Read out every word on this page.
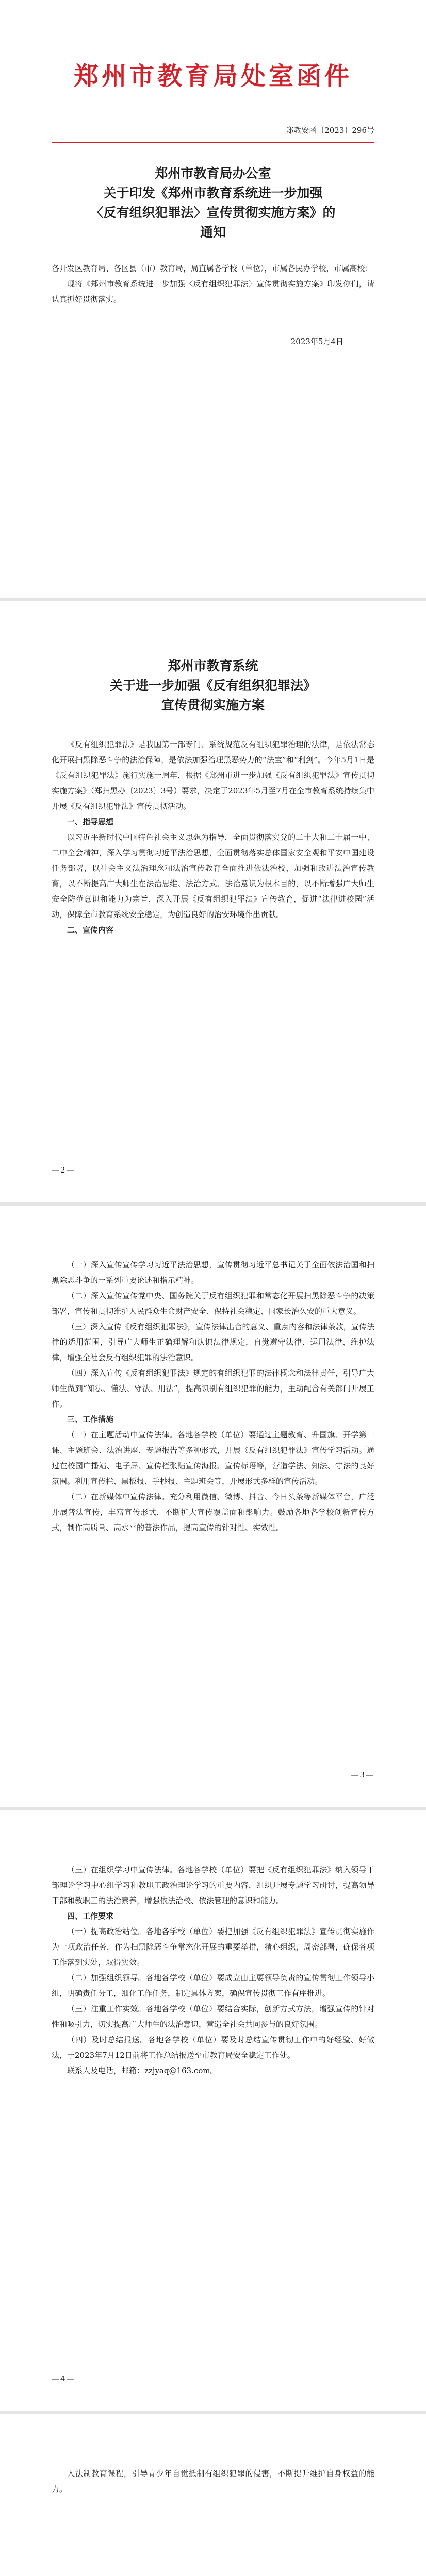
郑州市教育局处室函件
郑教安函〔2023〕296号
郑州市教育局办公室
关于印发《郑州市教育系统进一步加强
〈反有组织犯罪法〉宣传贯彻实施方案》的
通知
各开发区教育局、各区县（市）教育局，局直属各学校（单位），市属各民办学校，市属高校：

现将《郑州市教育系统进一步加强〈反有组织犯罪法〉宣传贯彻实施方案》印发你们，请认真抓好贯彻落实。

2023年5月4日
郑州市教育系统
关于进一步加强《反有组织犯罪法》
宣传贯彻实施方案

《反有组织犯罪法》是我国第一部专门、系统规范反有组织犯罪治理的法律，是依法常态化开展扫黑除恶斗争的法治保障，是依法加强治理黑恶势力的“法宝”和“利剑”。今年5月1日是《反有组织犯罪法》施行实施一周年，根据《郑州市进一步加强《反有组织犯罪法》宣传贯彻实施方案》（郑扫黑办〔2023〕3号）要求，决定于2023年5月至7月在全市教育系统持续集中开展《反有组织犯罪法》宣传贯彻活动。

一、指导思想

以习近平新时代中国特色社会主义思想为指导，全面贯彻落实党的二十大和二十届一中、二中全会精神，深入学习贯彻习近平法治思想，全面贯彻落实总体国家安全观和平安中国建设任务部署，以社会主义法治理念和法治宣传教育全面推进依法治校，加强和改进法治宣传教育，以不断提高广大师生在法治思维、法治方式、法治意识为根本目的，以不断增强广大师生安全防范意识和能力为宗旨，深入开展《反有组织犯罪法》宣传教育，促进“法律进校园”活动，保障全市教育系统安全稳定，为创造良好的治安环境作出贡献。

二、宣传内容

—2—

（一）深入宣传宣传学习习近平法治思想，宣传贯彻习近平总书记关于全面依法治国和扫黑除恶斗争的一系列重要论述和指示精神。

（二）深入宣传宣传党中央、国务院关于反有组织犯罪和常态化开展扫黑除恶斗争的决策部署，宣传和贯彻维护人民群众生命财产安全、保持社会稳定、国家长治久安的重大意义。

（三）深入宣传《反有组织犯罪法》，宣传法律出台的意义、重点内容和法律条款，宣传法律的适用范围，引导广大师生正确理解和认识法律规定，自觉遵守法律、运用法律、维护法律，增强全社会反有组织犯罪的法治意识。

（四）深入宣传《反有组织犯罪法》规定的有组织犯罪的法律概念和法律责任，引导广大师生做到“知法、懂法、守法、用法”，提高识别有组织犯罪的能力，主动配合有关部门开展工作。

三、工作措施

（一）在主题活动中宣传法律。各地各学校（单位）要通过主题教育、升国旗、开学第一课、主题班会、法治讲座、专题报告等多种形式，开展《反有组织犯罪法》宣传学习活动。通过在校园广播站、电子屏、宣传栏张贴宣传海报、宣传标语等，营造学法、知法、守法的良好氛围。利用宣传栏、黑板报、手抄报、主题班会等，开展形式多样的宣传活动。

（二）在新媒体中宣传法律。充分利用微信、微博、抖音、今日头条等新媒体平台，广泛开展普法宣传，丰富宣传形式，不断扩大宣传覆盖面和影响力。鼓励各地各学校创新宣传方式，制作高质量、高水平的普法作品，提高宣传的针对性、实效性。

—3—

（三）在组织学习中宣传法律。各地各学校（单位）要把《反有组织犯罪法》纳入领导干部理论学习中心组学习和教职工政治理论学习的重要内容，组织开展专题学习研讨，提高领导干部和教职工的法治素养，增强依法治校、依法管理的意识和能力。

四、工作要求

（一）提高政治站位。各地各学校（单位）要把加强《反有组织犯罪法》宣传贯彻实施作为一项政治任务，作为扫黑除恶斗争常态化开展的重要举措，精心组织，周密部署，确保各项工作落到实处，取得实效。

（二）加强组织领导。各地各学校（单位）要成立由主要领导负责的宣传贯彻工作领导小组，明确责任分工，细化工作任务，制定具体方案，确保宣传贯彻工作有序推进。

（三）注重工作实效。各地各学校（单位）要结合实际，创新方式方法，增强宣传的针对性和吸引力，切实提高广大师生的法治意识，营造全社会共同参与的良好氛围。

（四）及时总结报送。各地各学校（单位）要及时总结宣传贯彻工作中的好经验、好做法，于2023年7月12日前将工作总结报送至市教育局安全稳定工作处。

联系人及电话，邮箱：zzjyaq@163.com。

—4—

入法制教育课程，引导青少年自觉抵制有组织犯罪的侵害，不断提升维护自身权益的能力。
